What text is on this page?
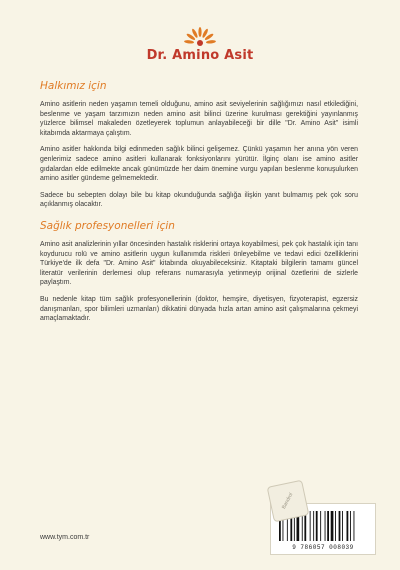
Dr. Amino Asit
Halkımız için

Amino asitlerin neden yaşamın temeli olduğunu, amino asit seviyelerinin sağlığımızı nasıl etkilediğini, beslenme ve yaşam tarzımızın neden amino asit bilinci üzerine kurulması gerektiğini yayınlanmış yüzlerce bilimsel makaleden özetleyerek toplumun anlayabileceği bir dille "Dr. Amino Asit" isimli kitabımda aktarmaya çalıştım.

Amino asitler hakkında bilgi edinmeden sağlık bilinci gelişemez. Çünkü yaşamın her anına yön veren genlerimiz sadece amino asitleri kullanarak fonksiyonlarını yürütür. İlginç olanı ise amino asitler gıdalardan elde edilmekte ancak günümüzde her daim önemine vurgu yapılan beslenme konuşulurken amino asitler gündeme gelmemektedir.

Sadece bu sebepten dolayı bile bu kitap okunduğunda sağlığa ilişkin yanıt bulmamış pek çok soru açıklanmış olacaktır.

Sağlık profesyonelleri için

Amino asit analizlerinin yıllar öncesinden hastalık risklerini ortaya koyabilmesi, pek çok hastalık için tanı koydurucu rolü ve amino asitlerin uygun kullanımda riskleri önleyebilme ve tedavi edici özelliklerini Türkiye'de ilk defa "Dr. Amino Asit" kitabında okuyabileceksiniz. Kitaptaki bilgilerin tamamı güncel literatür verilerinin derlemesi olup referans numarasıyla yetinmeyip orijinal özetlerini de sizlerle paylaştım.

Bu nedenle kitap tüm sağlık profesyonellerinin (doktor, hemşire, diyetisyen, fizyoterapist, egzersiz danışmanları, spor bilimleri uzmanları) dikkatini dünyada hızla artan amino asit çalışmalarına çekmeyi amaçlamaktadır.

www.tym.com.tr
9 786057 008039
Bandrol
